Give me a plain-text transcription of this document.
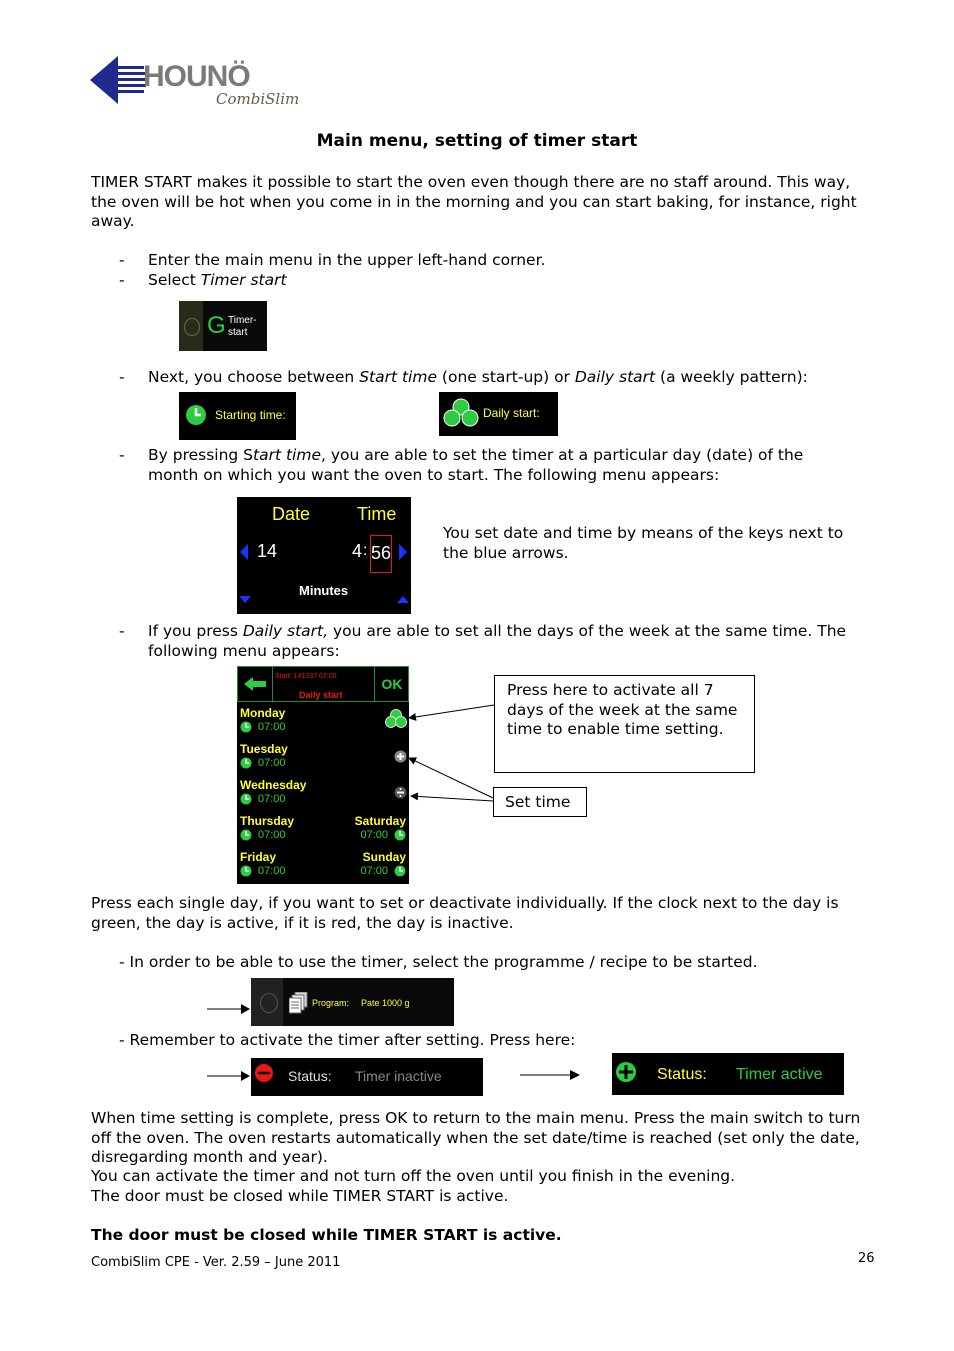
HOUNÖ
CombiSlim
Main menu, setting of timer start
TIMER START makes it possible to start the oven even though there are no staff around. This way, the oven will be hot when you come in in the morning and you can start baking, for instance, right away.
- Enter the main menu in the upper left-hand corner.
- Select Timer start
G Timer-
start
- Next, you choose between Start time (one start-up) or Daily start (a weekly pattern):
Starting time:	Daily start:
- By pressing Start time, you are able to set the timer at a particular day (date) of the month on which you want the oven to start. The following menu appears:
Date	Time
14	4 : 56
Minutes
You set date and time by means of the keys next to the blue arrows.
- If you press Daily start, you are able to set all the days of the week at the same time. The following menu appears:
Start: 141037 07:00
Daily start
OK
Monday
07:00
Tuesday
07:00
Wednesday
07:00
Thursday
07:00
Friday
07:00
Saturday
07:00
Sunday
07:00
Press here to activate all 7 days of the week at the same time to enable time setting.
Set time
Press each single day, if you want to set or deactivate individually. If the clock next to the day is green, the day is active, if it is red, the day is inactive.
- In order to be able to use the timer, select the programme / recipe to be started.
Program: Pate 1000 g
- Remember to activate the timer after setting. Press here:
Status: Timer inactive	Status: Timer active
When time setting is complete, press OK to return to the main menu. Press the main switch to turn off the oven. The oven restarts automatically when the set date/time is reached (set only the date, disregarding month and year).
You can activate the timer and not turn off the oven until you finish in the evening.
The door must be closed while TIMER START is active.
The door must be closed while TIMER START is active.
CombiSlim CPE - Ver. 2.59 – June 2011	26
